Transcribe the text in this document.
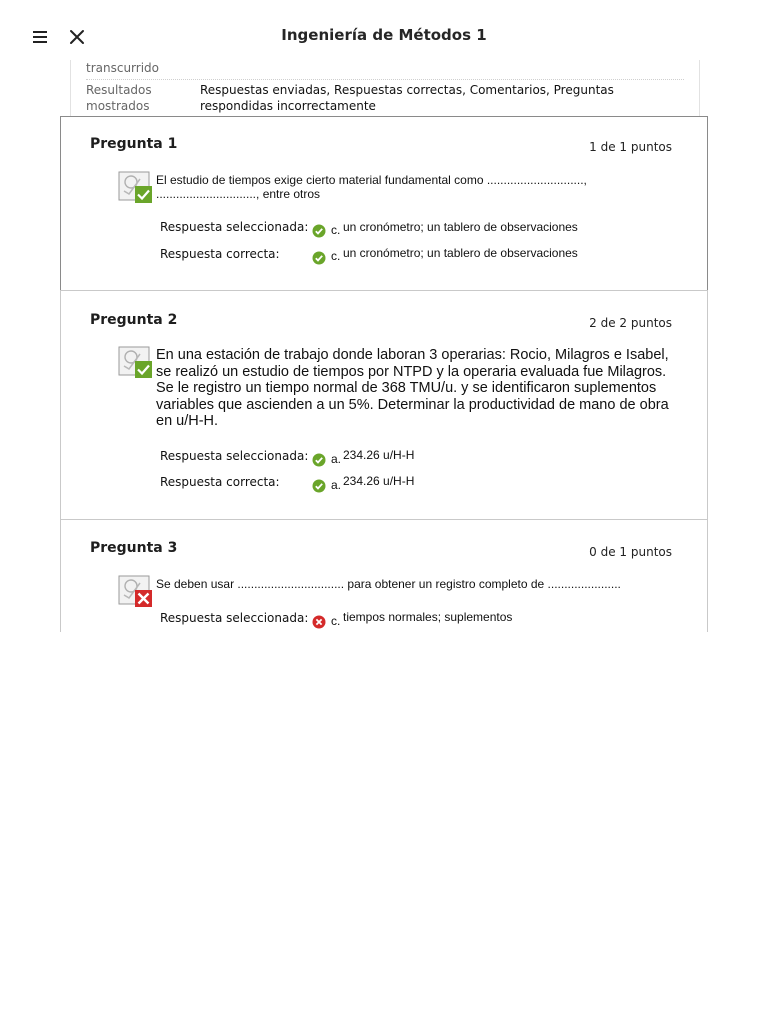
Ingeniería de Métodos 1
transcurrido
Resultados mostrados
Respuestas enviadas, Respuestas correctas, Comentarios, Preguntas respondidas incorrectamente
Pregunta 1	1 de 1 puntos
El estudio de tiempos exige cierto material fundamental como ............................., .............................., entre otros
Respuesta seleccionada: c. un cronómetro; un tablero de observaciones
Respuesta correcta:	c. un cronómetro; un tablero de observaciones
Pregunta 2	2 de 2 puntos
En una estación de trabajo donde laboran 3 operarias: Rocio, Milagros e Isabel, se realizó un estudio de tiempos por NTPD y la operaria evaluada fue Milagros. Se le registro un tiempo normal de 368 TMU/u. y se identificaron suplementos variables que ascienden a un 5%. Determinar la productividad de mano de obra en u/H-H.
Respuesta seleccionada: a. 234.26 u/H-H
Respuesta correcta:	a. 234.26 u/H-H
Pregunta 3	0 de 1 puntos
Se deben usar ................................ para obtener un registro completo de ......................
Respuesta seleccionada: c. tiempos normales; suplementos
